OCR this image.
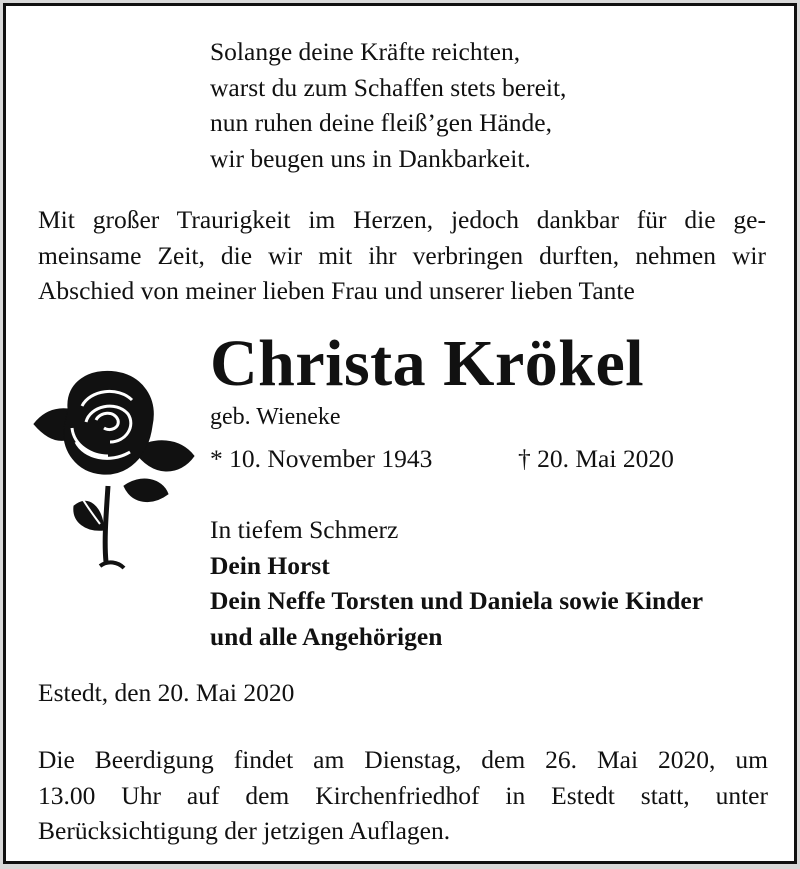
Solange deine Kräfte reichten,
warst du zum Schaffen stets bereit,
nun ruhen deine fleiß’gen Hände,
wir beugen uns in Dankbarkeit.
Mit großer Traurigkeit im Herzen, jedoch dankbar für die ge-
meinsame Zeit, die wir mit ihr verbringen durften, nehmen wir
Abschied von meiner lieben Frau und unserer lieben Tante
Christa Krökel
geb. Wieneke
* 10. November 1943	† 20. Mai 2020
In tiefem Schmerz
Dein Horst
Dein Neffe Torsten und Daniela sowie Kinder
und alle Angehörigen
Estedt, den 20. Mai 2020
Die Beerdigung findet am Dienstag, dem 26. Mai 2020, um
13.00 Uhr auf dem Kirchenfriedhof in Estedt statt, unter
Berücksichtigung der jetzigen Auflagen.
